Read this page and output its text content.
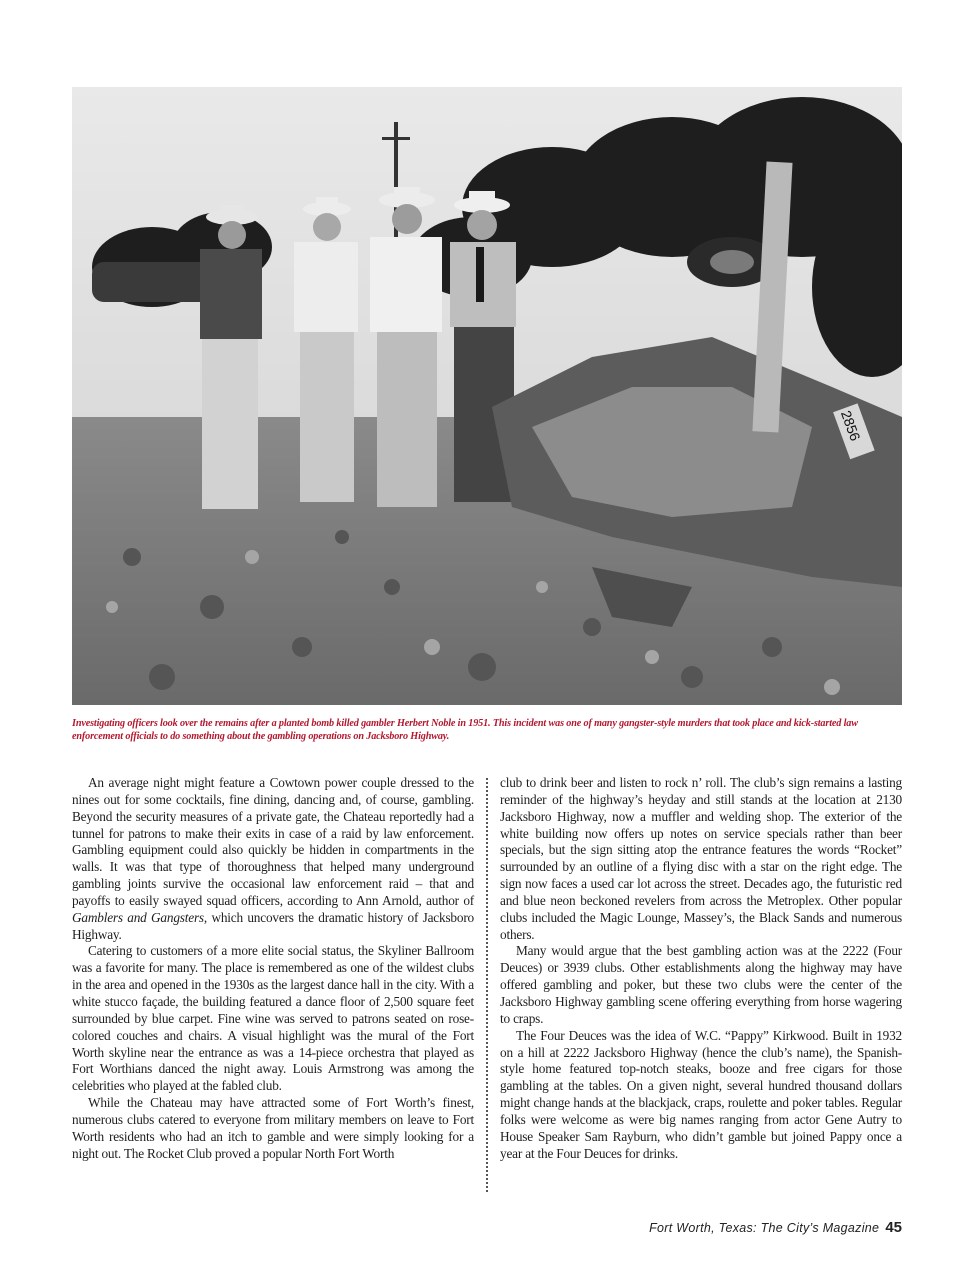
2856
Investigating officers look over the remains after a planted bomb killed gambler Herbert Noble in 1951. This incident was one of many gangster-style murders that took place and kick-started law enforcement officials to do something about the gambling operations on Jacksboro Highway.

An average night might feature a Cowtown power couple dressed to the nines out for some cocktails, fine dining, dancing and, of course, gambling. Beyond the security measures of a private gate, the Chateau reportedly had a tunnel for patrons to make their exits in case of a raid by law enforcement. Gambling equipment could also quickly be hidden in compartments in the walls. It was that type of thoroughness that helped many underground gambling joints survive the occasional law enforcement raid – that and payoffs to easily swayed squad officers, according to Ann Arnold, author of Gamblers and Gangsters, which uncovers the dramatic history of Jacksboro Highway.

Catering to customers of a more elite social status, the Skyliner Ballroom was a favorite for many. The place is remembered as one of the wildest clubs in the area and opened in the 1930s as the largest dance hall in the city. With a white stucco façade, the building featured a dance floor of 2,500 square feet surrounded by blue carpet. Fine wine was served to patrons seated on rose-colored couches and chairs. A visual highlight was the mural of the Fort Worth skyline near the entrance as was a 14-piece orchestra that played as Fort Worthians danced the night away. Louis Armstrong was among the celebrities who played at the fabled club.

While the Chateau may have attracted some of Fort Worth’s finest, numerous clubs catered to everyone from military members on leave to Fort Worth residents who had an itch to gamble and were simply looking for a night out. The Rocket Club proved a popular North Fort Worth

club to drink beer and listen to rock n’ roll. The club’s sign remains a lasting reminder of the highway’s heyday and still stands at the location at 2130 Jacksboro Highway, now a muffler and welding shop. The exterior of the white building now offers up notes on service specials rather than beer specials, but the sign sitting atop the entrance features the words “Rocket” surrounded by an outline of a flying disc with a star on the right edge. The sign now faces a used car lot across the street. Decades ago, the futuristic red and blue neon beckoned revelers from across the Metroplex. Other popular clubs included the Magic Lounge, Massey’s, the Black Sands and numerous others.

Many would argue that the best gambling action was at the 2222 (Four Deuces) or 3939 clubs. Other establishments along the highway may have offered gambling and poker, but these two clubs were the center of the Jacksboro Highway gambling scene offering everything from horse wagering to craps.

The Four Deuces was the idea of W.C. “Pappy” Kirkwood. Built in 1932 on a hill at 2222 Jacksboro Highway (hence the club’s name), the Spanish-style home featured top-notch steaks, booze and free cigars for those gambling at the tables. On a given night, several hundred thousand dollars might change hands at the blackjack, craps, roulette and poker tables. Regular folks were welcome as were big names ranging from actor Gene Autry to House Speaker Sam Rayburn, who didn’t gamble but joined Pappy once a year at the Four Deuces for drinks.

Fort Worth, Texas: The City’s Magazine 45
